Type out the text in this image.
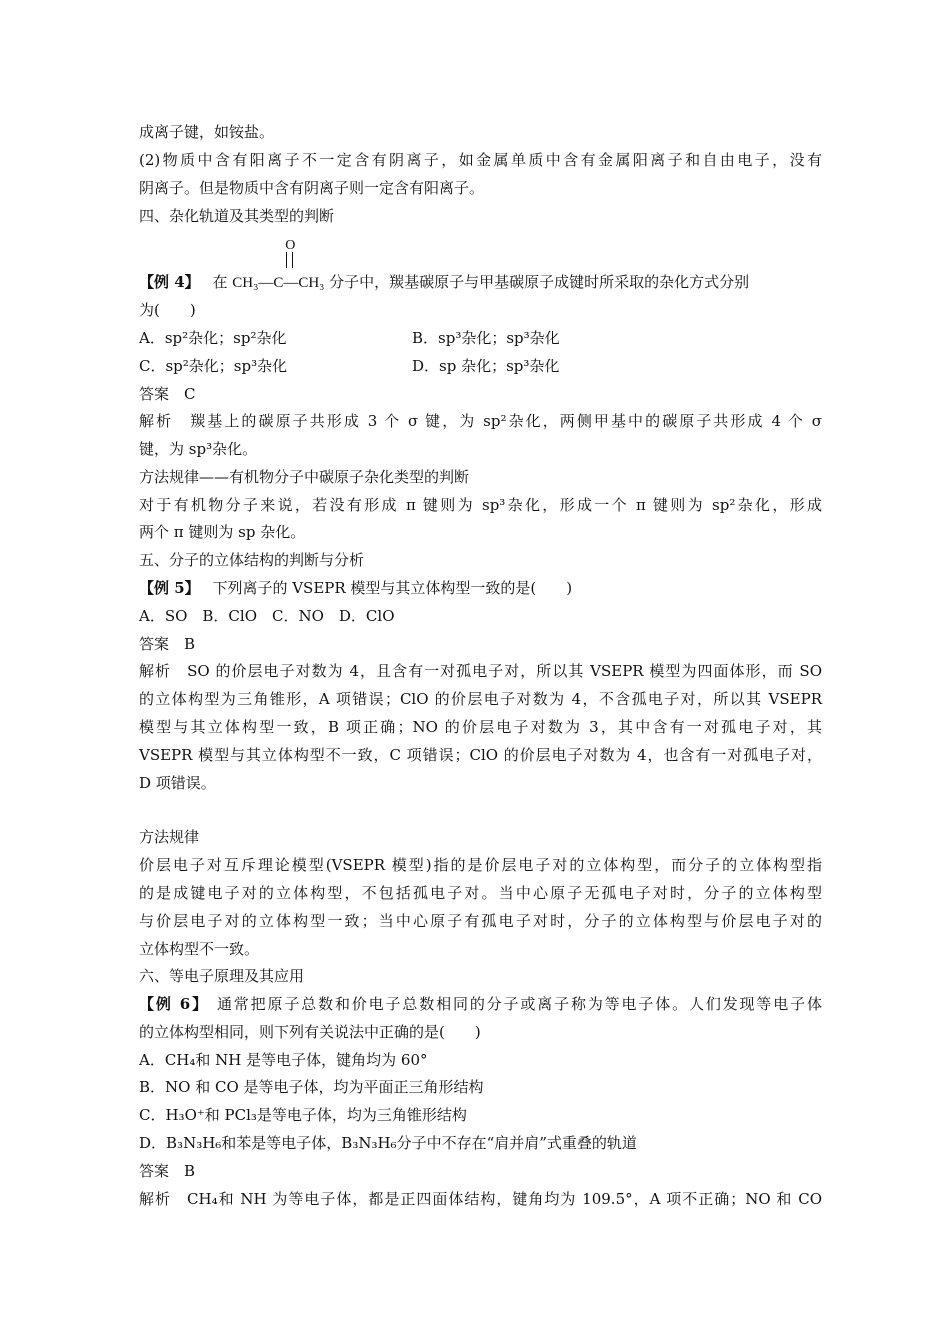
成离子键，如铵盐。
(2)物质中含有阳离子不一定含有阴离子，如金属单质中含有金属阳离子和自由电子，没有
阴离子。但是物质中含有阴离子则一定含有阳离子。
四、杂化轨道及其类型的判断
【例 4】 在
O
CH₃—C—CH₃ 分子中，羰基碳原子与甲基碳原子成键时所采取的杂化方式分别
为(　　)
A．sp²杂化；sp²杂化	B．sp³杂化；sp³杂化
C．sp²杂化；sp³杂化	D．sp 杂化；sp³杂化
答案　C
解析　羰基上的碳原子共形成 3 个 σ 键，为 sp²杂化，两侧甲基中的碳原子共形成 4 个 σ
键，为 sp³杂化。
方法规律——有机物分子中碳原子杂化类型的判断
对于有机物分子来说，若没有形成 π 键则为 sp³杂化，形成一个 π 键则为 sp²杂化，形成
两个 π 键则为 sp 杂化。
五、分子的立体结构的判断与分析
【例 5】 下列离子的 VSEPR 模型与其立体构型一致的是(　　)
A．SO　B．ClO　C．NO　D．ClO
答案　B
解析　SO 的价层电子对数为 4，且含有一对孤电子对，所以其 VSEPR 模型为四面体形，而 SO
的立体构型为三角锥形，A 项错误；ClO 的价层电子对数为 4，不含孤电子对，所以其 VSEPR
模型与其立体构型一致，B 项正确；NO 的价层电子对数为 3，其中含有一对孤电子对，其
VSEPR 模型与其立体构型不一致，C 项错误；ClO 的价层电子对数为 4，也含有一对孤电子对，
D 项错误。
方法规律
价层电子对互斥理论模型(VSEPR 模型)指的是价层电子对的立体构型，而分子的立体构型指
的是成键电子对的立体构型，不包括孤电子对。当中心原子无孤电子对时，分子的立体构型
与价层电子对的立体构型一致；当中心原子有孤电子对时，分子的立体构型与价层电子对的
立体构型不一致。
六、等电子原理及其应用
【例 6】 通常把原子总数和价电子总数相同的分子或离子称为等电子体。人们发现等电子体
的立体构型相同，则下列有关说法中正确的是(　　)
A．CH₄和 NH 是等电子体，键角均为 60°
B．NO 和 CO 是等电子体，均为平面正三角形结构
C．H₃O⁺和 PCl₃是等电子体，均为三角锥形结构
D．B₃N₃H₆和苯是等电子体，B₃N₃H₆分子中不存在“肩并肩”式重叠的轨道
答案　B
解析　CH₄和 NH 为等电子体，都是正四面体结构，键角均为 109.5°，A 项不正确；NO 和 CO
